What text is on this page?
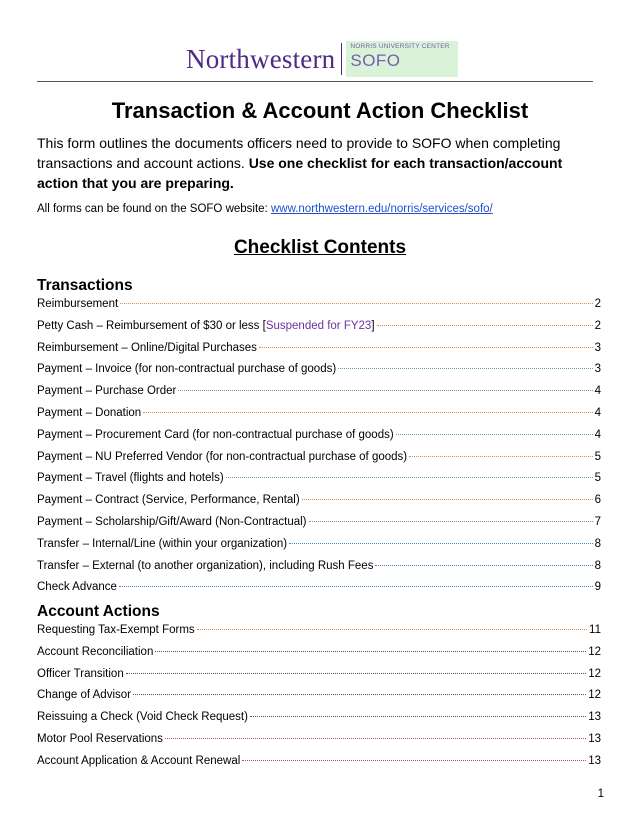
Northwestern NORRIS UNIVERSITY CENTER
SOFO
Transaction & Account Action Checklist

This form outlines the documents officers need to provide to SOFO when completing transactions and account actions. Use one checklist for each transaction/account action that you are preparing.

All forms can be found on the SOFO website: www.northwestern.edu/norris/services/sofo/

Checklist Contents
Transactions
Reimbursement	2
Petty Cash – Reimbursement of $30 or less [Suspended for FY23]	2
Reimbursement – Online/Digital Purchases	3
Payment – Invoice (for non-contractual purchase of goods)	3
Payment – Purchase Order	4
Payment – Donation	4
Payment – Procurement Card (for non-contractual purchase of goods)	4
Payment – NU Preferred Vendor (for non-contractual purchase of goods)	5
Payment – Travel (flights and hotels)	5
Payment – Contract (Service, Performance, Rental)	6
Payment – Scholarship/Gift/Award (Non-Contractual)	7
Transfer – Internal/Line (within your organization)	8
Transfer – External (to another organization), including Rush Fees	8
Check Advance	9
Account Actions
Requesting Tax-Exempt Forms	11
Account Reconciliation	12
Officer Transition	12
Change of Advisor	12
Reissuing a Check (Void Check Request)	13
Motor Pool Reservations	13
Account Application & Account Renewal	13
1
